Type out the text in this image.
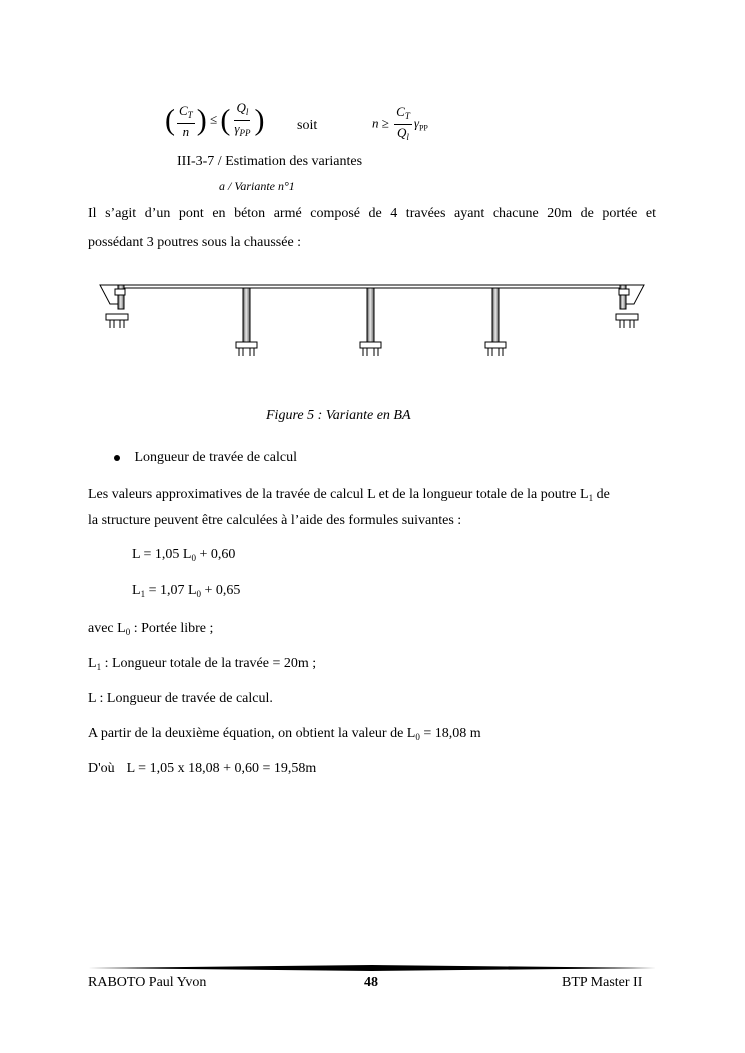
( $\frac{C_T}{n}$ ) ≤ ( $\frac{Q_l}{\gamma_{PP}}$ )	soit	$n \ge \frac{C_T}{Q_l} \gamma_{PP}$
III-3-7 / Estimation des variantes
a / Variante n°1
Il s’agit d’un pont en béton armé composé de 4 travées ayant chacune 20m de portée et
possédant 3 poutres sous la chaussée :
Figure 5 : Variante en BA
Longueur de travée de calcul
Les valeurs approximatives de la travée de calcul L et de la longueur totale de la poutre $L_1$ de
la structure peuvent être calculées à l’aide des formules suivantes :
L = 1,05 $L_0 + 0,60$
$L_1 = 1,07$ $L_0 + 0,65$
avec $L_0$ : Portée libre ;
$L_1$ : Longueur totale de la travée = 20m ;
L : Longueur de travée de calcul.
A partir de la deuxième équation, on obtient la valeur de $L_0 = 18,08$ m
D'où L = 1,05 x 18,08 + 0,60 = 19,58m
RABOTO Paul Yvon	48	BTP Master II
